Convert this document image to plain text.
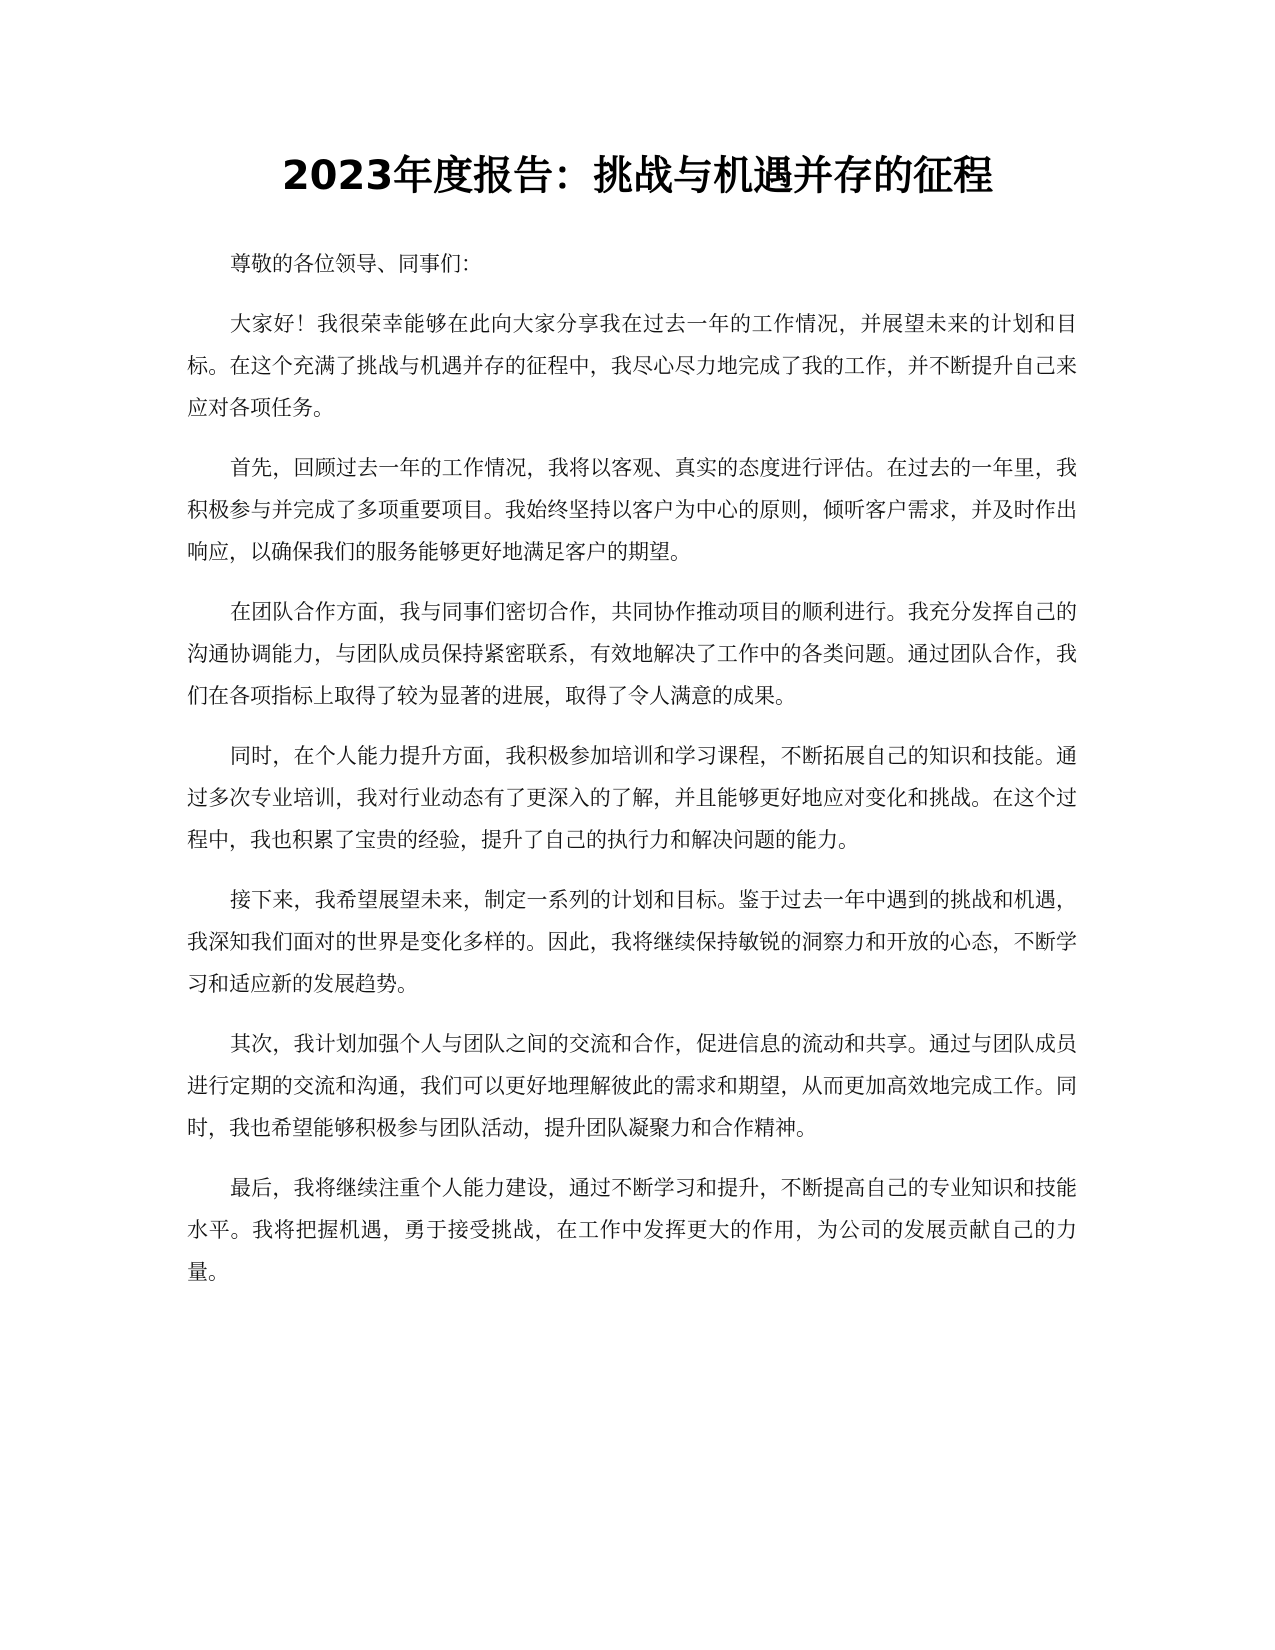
2023年度报告：挑战与机遇并存的征程

尊敬的各位领导、同事们：

大家好！我很荣幸能够在此向大家分享我在过去一年的工作情况，并展望未来的计划和目标。在这个充满了挑战与机遇并存的征程中，我尽心尽力地完成了我的工作，并不断提升自己来应对各项任务。

首先，回顾过去一年的工作情况，我将以客观、真实的态度进行评估。在过去的一年里，我积极参与并完成了多项重要项目。我始终坚持以客户为中心的原则，倾听客户需求，并及时作出响应，以确保我们的服务能够更好地满足客户的期望。

在团队合作方面，我与同事们密切合作，共同协作推动项目的顺利进行。我充分发挥自己的沟通协调能力，与团队成员保持紧密联系，有效地解决了工作中的各类问题。通过团队合作，我们在各项指标上取得了较为显著的进展，取得了令人满意的成果。

同时，在个人能力提升方面，我积极参加培训和学习课程，不断拓展自己的知识和技能。通过多次专业培训，我对行业动态有了更深入的了解，并且能够更好地应对变化和挑战。在这个过程中，我也积累了宝贵的经验，提升了自己的执行力和解决问题的能力。

接下来，我希望展望未来，制定一系列的计划和目标。鉴于过去一年中遇到的挑战和机遇，我深知我们面对的世界是变化多样的。因此，我将继续保持敏锐的洞察力和开放的心态，不断学习和适应新的发展趋势。

其次，我计划加强个人与团队之间的交流和合作，促进信息的流动和共享。通过与团队成员进行定期的交流和沟通，我们可以更好地理解彼此的需求和期望，从而更加高效地完成工作。同时，我也希望能够积极参与团队活动，提升团队凝聚力和合作精神。

最后，我将继续注重个人能力建设，通过不断学习和提升，不断提高自己的专业知识和技能水平。我将把握机遇，勇于接受挑战，在工作中发挥更大的作用，为公司的发展贡献自己的力量。
